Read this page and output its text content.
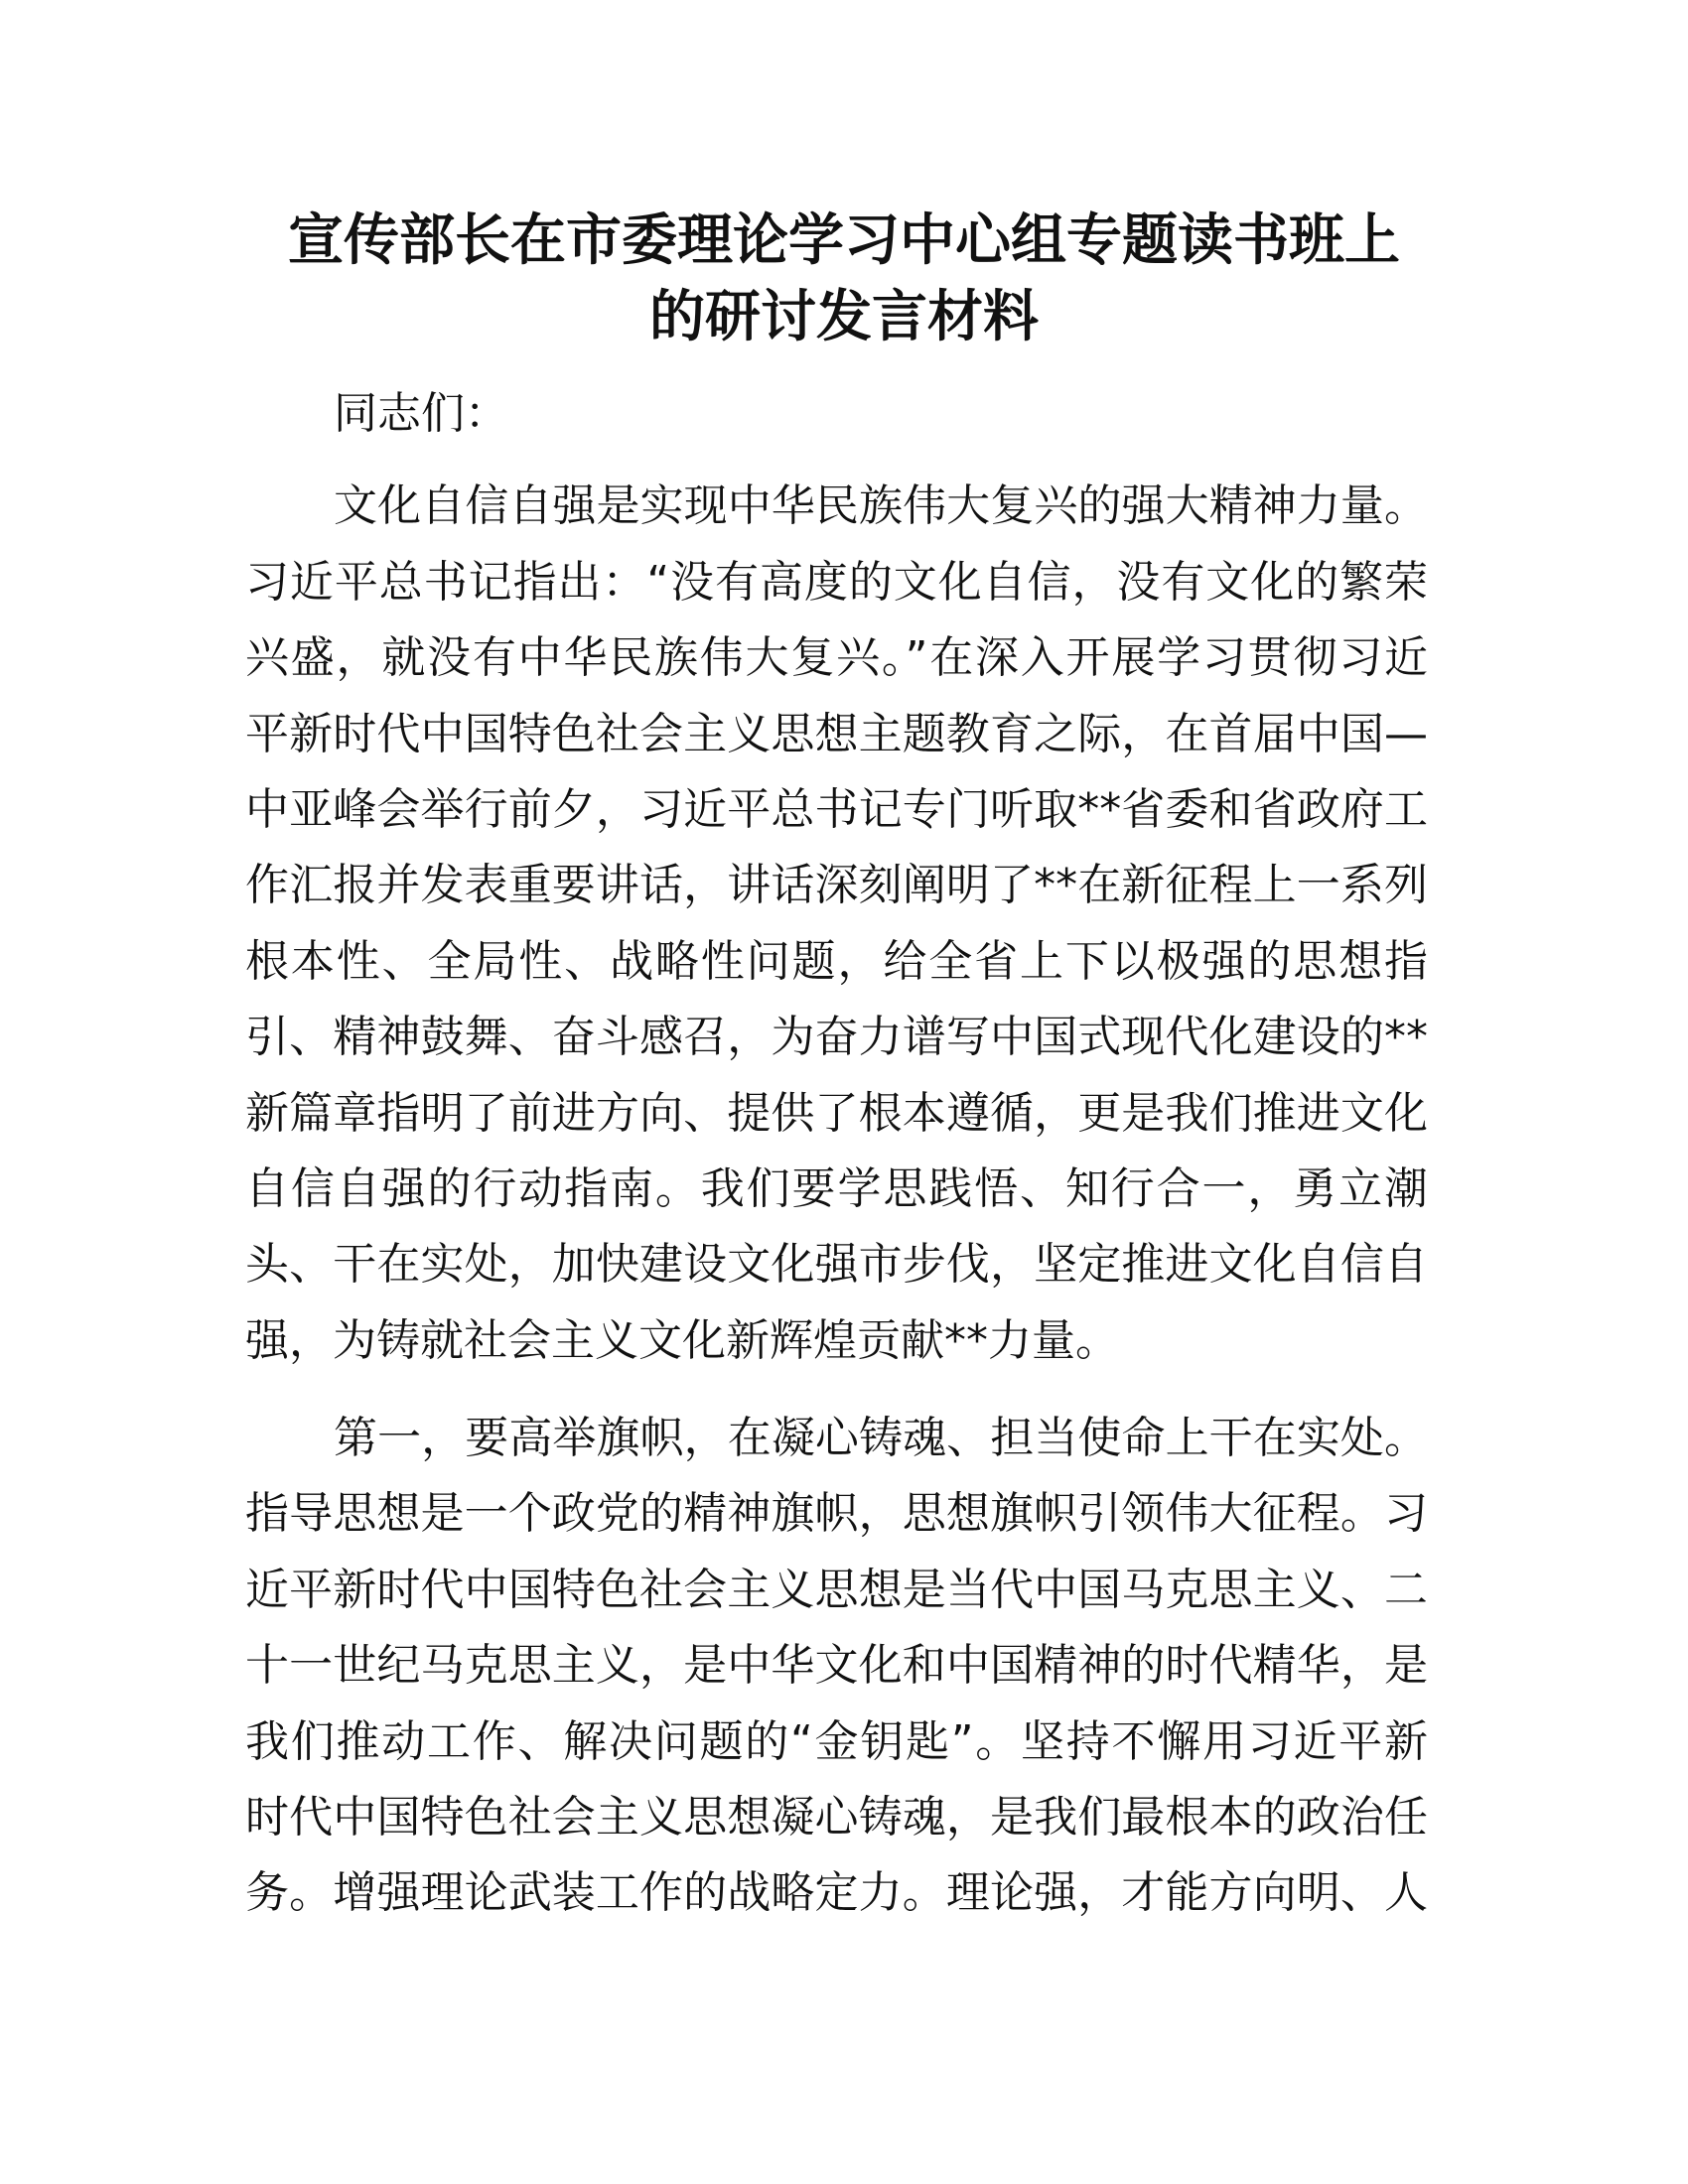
宣传部长在市委理论学习中心组专题读书班上
的研讨发言材料
同志们：
文化自信自强是实现中华民族伟大复兴的强大精神力量。
习近平总书记指出：“没有高度的文化自信，没有文化的繁荣
兴盛，就没有中华民族伟大复兴。”在深入开展学习贯彻习近
平新时代中国特色社会主义思想主题教育之际，在首届中国—
中亚峰会举行前夕，习近平总书记专门听取**省委和省政府工
作汇报并发表重要讲话，讲话深刻阐明了**在新征程上一系列
根本性、全局性、战略性问题，给全省上下以极强的思想指
引、精神鼓舞、奋斗感召，为奋力谱写中国式现代化建设的**
新篇章指明了前进方向、提供了根本遵循，更是我们推进文化
自信自强的行动指南。我们要学思践悟、知行合一，勇立潮
头、干在实处，加快建设文化强市步伐，坚定推进文化自信自
强，为铸就社会主义文化新辉煌贡献**力量。
第一，要高举旗帜，在凝心铸魂、担当使命上干在实处。
指导思想是一个政党的精神旗帜，思想旗帜引领伟大征程。习
近平新时代中国特色社会主义思想是当代中国马克思主义、二
十一世纪马克思主义，是中华文化和中国精神的时代精华，是
我们推动工作、解决问题的“金钥匙”。坚持不懈用习近平新
时代中国特色社会主义思想凝心铸魂，是我们最根本的政治任
务。增强理论武装工作的战略定力。理论强，才能方向明、人
